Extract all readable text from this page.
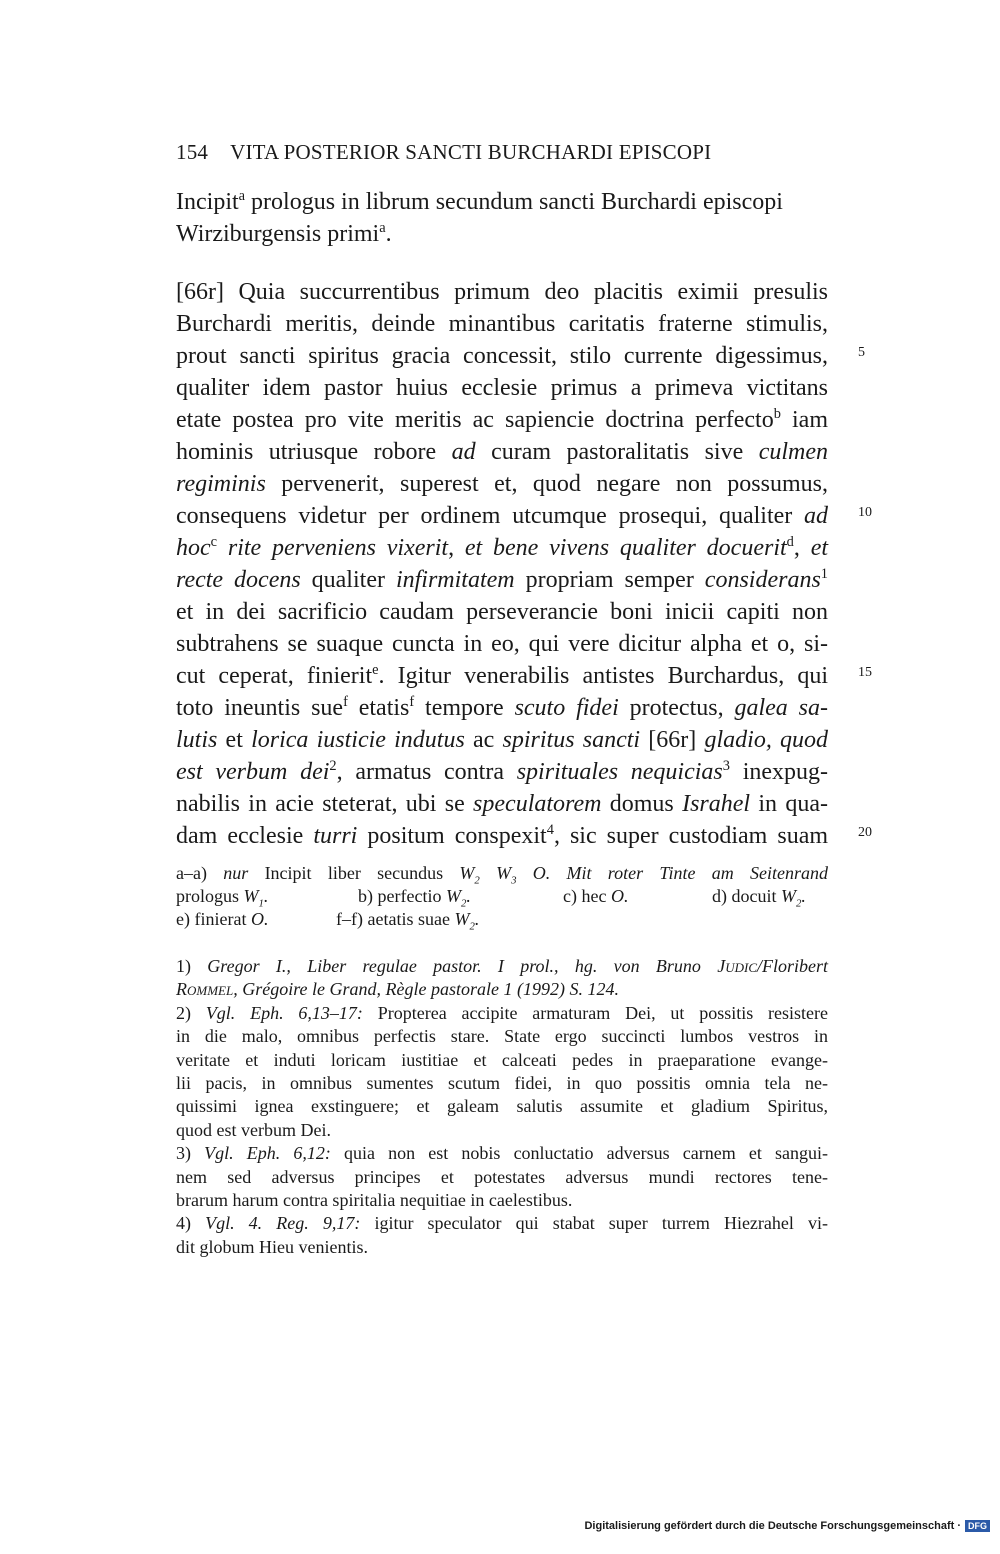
154 VITA POSTERIOR SANCTI BURCHARDI EPISCOPI
Incipit$^a$ prologus in librum secundum sancti Burchardi episcopi
Wirziburgensis primi$^a$.
[66r] Quia succurrentibus primum deo placitis eximii presulis
Burchardi meritis, deinde minantibus caritatis fraterne stimulis,
prout sancti spiritus gracia concessit, stilo currente digessimus,
qualiter idem pastor huius ecclesie primus a primeva victitans
etate postea pro vite meritis ac sapiencie doctrina perfecto$^b$ iam
hominis utriusque robore ad curam pastoralitatis sive culmen
regiminis pervenerit, superest et, quod negare non possumus,
consequens videtur per ordinem utcumque prosequi, qualiter ad
hoc$^c$ rite perveniens vixerit, et bene vivens qualiter docuerit$^d$, et
recte docens qualiter infirmitatem propriam semper considerans$^1$
et in dei sacrificio caudam perseverancie boni inicii capiti non
subtrahens se suaque cuncta in eo, qui vere dicitur alpha et o, si-
cut ceperat, finierit$^e$. Igitur venerabilis antistes Burchardus, qui
toto ineuntis sue$^f$ etatis$^f$ tempore scuto fidei protectus, galea sa-
lutis et lorica iusticie indutus ac spiritus sancti [66r] gladio, quod
est verbum dei$^2$, armatus contra spirituales nequicias$^3$ inexpug-
nabilis in acie steterat, ubi se speculatorem domus Israhel in qua-
dam ecclesie turri positum conspexit$^4$, sic super custodiam suam
5
10
15
20
a–a) nur Incipit liber secundus $W_2$ $W_3$ O. Mit roter Tinte am Seitenrand
prologus $W_1$.	b) perfectio $W_2$.	c) hec O.	d) docuit $W_2$.
e) finierat O.	f–f) aetatis suae $W_2$.
1) Gregor I., Liber regulae pastor. I prol., hg. von Bruno Judic/Floribert
Rommel, Grégoire le Grand, Règle pastorale 1 (1992) S. 124.
2) Vgl. Eph. 6,13–17: Propterea accipite armaturam Dei, ut possitis resistere
in die malo, omnibus perfectis stare. State ergo succincti lumbos vestros in
veritate et induti loricam iustitiae et calceati pedes in praeparatione evange-
lii pacis, in omnibus sumentes scutum fidei, in quo possitis omnia tela ne-
quissimi ignea exstinguere; et galeam salutis assumite et gladium Spiritus,
quod est verbum Dei.
3) Vgl. Eph. 6,12: quia non est nobis conluctatio adversus carnem et sangui-
nem sed adversus principes et potestates adversus mundi rectores tene-
brarum harum contra spiritalia nequitiae in caelestibus.
4) Vgl. 4. Reg. 9,17: igitur speculator qui stabat super turrem Hiezrahel vi-
dit globum Hieu venientis.
Digitalisierung gefördert durch die Deutsche Forschungsgemeinschaft · DFG
